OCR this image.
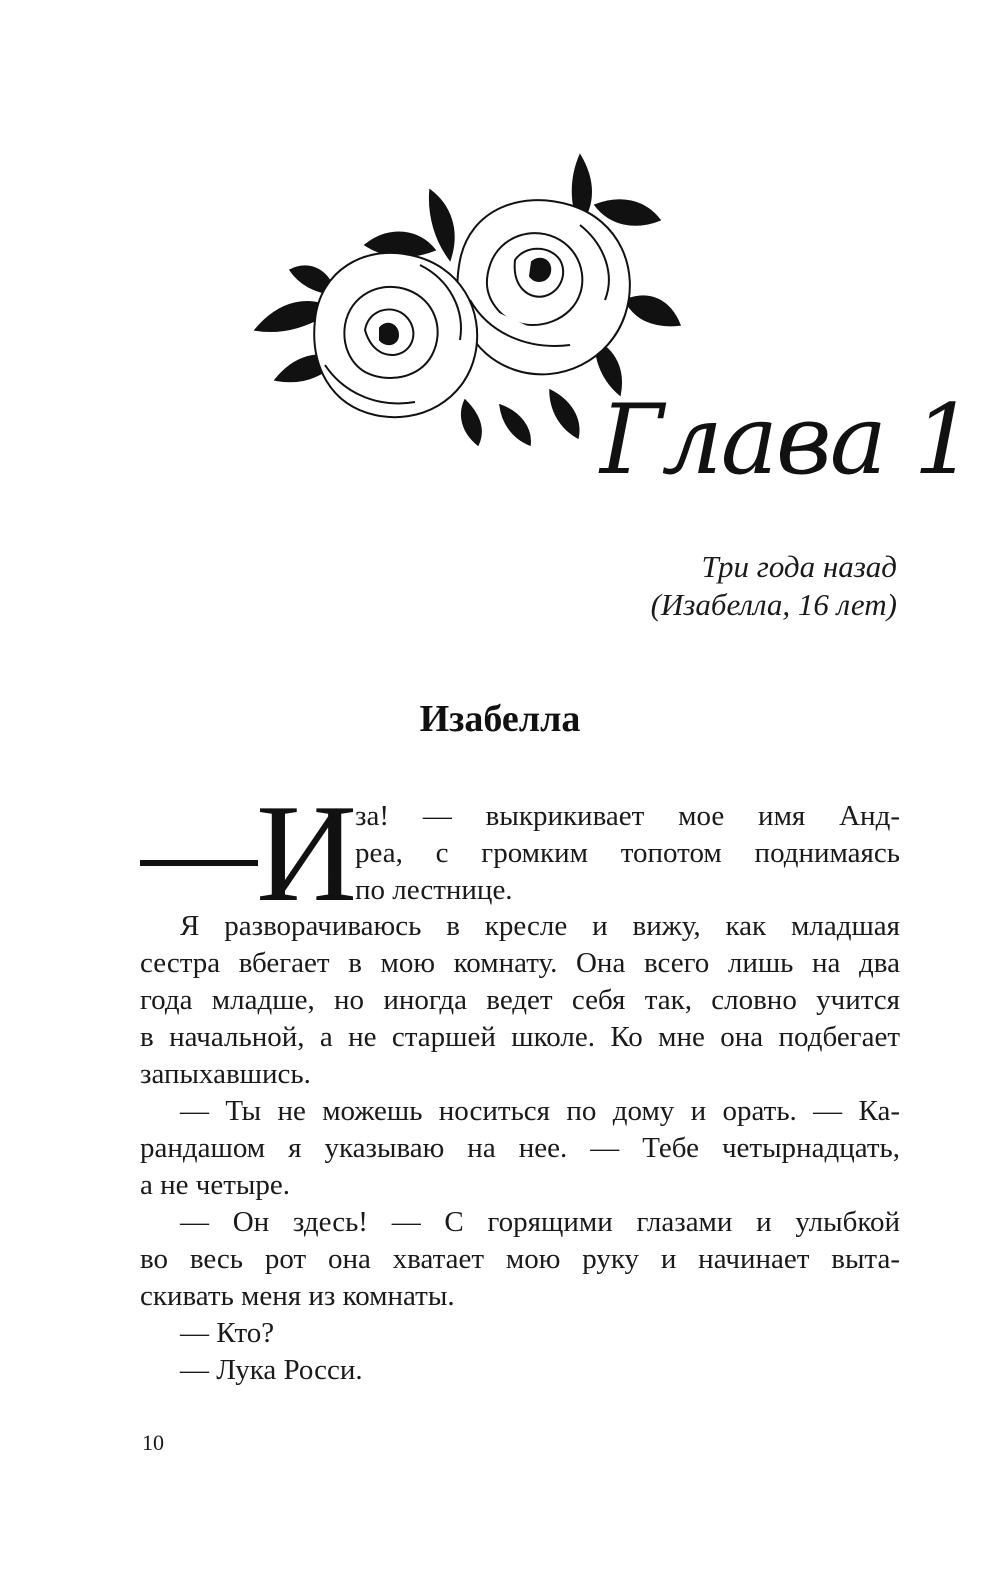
Глава 1
Три года назад
(Изабелла, 16 лет)
Изабелла
И
за! — выкрикивает мое имя Анд-
реа, с громким топотом поднимаясь
по лестнице.
Я разворачиваюсь в кресле и вижу, как младшая
сестра вбегает в мою комнату. Она всего лишь на два
года младше, но иногда ведет себя так, словно учится
в начальной, а не старшей школе. Ко мне она подбегает
запыхавшись.
— Ты не можешь носиться по дому и орать. — Ка-
рандашом я указываю на нее. — Тебе четырнадцать,
а не четыре.
— Он здесь! — С горящими глазами и улыбкой
во весь рот она хватает мою руку и начинает выта-
скивать меня из комнаты.
— Кто?
— Лука Росси.
10
